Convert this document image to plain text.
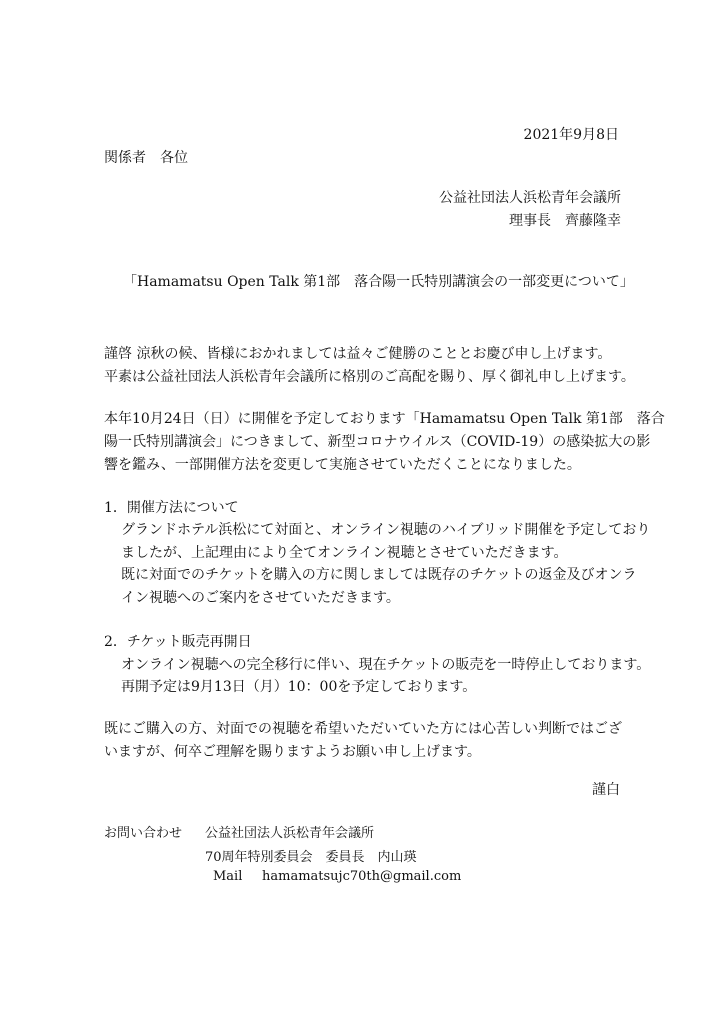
2021年9月8日
関係者　各位
公益社団法人浜松青年会議所
理事長　齊藤隆幸
「Hamamatsu Open Talk 第1部　落合陽一氏特別講演会の一部変更について」
謹啓 涼秋の候、皆様におかれましては益々ご健勝のこととお慶び申し上げます。
平素は公益社団法人浜松青年会議所に格別のご高配を賜り、厚く御礼申し上げます。
本年10月24日（日）に開催を予定しております「Hamamatsu Open Talk 第1部　落合
陽一氏特別講演会」につきまして、新型コロナウイルス（COVID-19）の感染拡大の影
響を鑑み、一部開催方法を変更して実施させていただくことになりました。
1．開催方法について
グランドホテル浜松にて対面と、オンライン視聴のハイブリッド開催を予定しており
ましたが、上記理由により全てオンライン視聴とさせていただきます。
既に対面でのチケットを購入の方に関しましては既存のチケットの返金及びオンラ
イン視聴へのご案内をさせていただきます。
2．チケット販売再開日
オンライン視聴への完全移行に伴い、現在チケットの販売を一時停止しております。
再開予定は9月13日（月）10：00を予定しております。
既にご購入の方、対面での視聴を希望いただいていた方には心苦しい判断ではござ
いますが、何卒ご理解を賜りますようお願い申し上げます。
謹白
お問い合わせ 公益社団法人浜松青年会議所
70周年特別委員会　委員長　内山瑛
Mail hamamatsujc70th@gmail.com
